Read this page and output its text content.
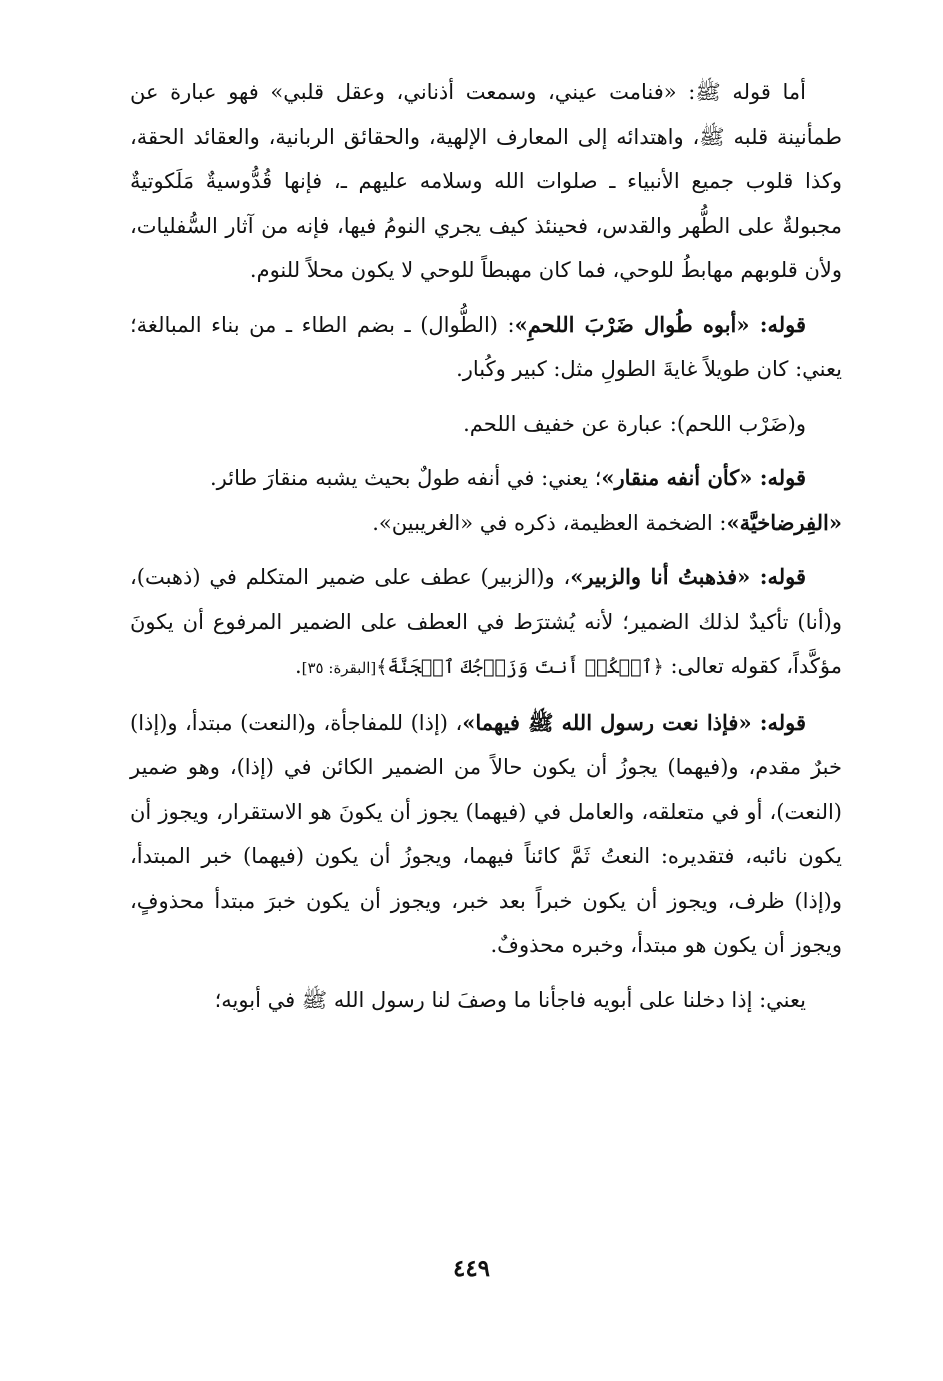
أما قوله ﷺ: «فنامت عيني، وسمعت أذناني، وعقل قلبي» فهو عبارة عن طمأنينة قلبه ﷺ، واهتدائه إلى المعارف الإلهية، والحقائق الربانية، والعقائد الحقة، وكذا قلوب جميع الأنبياء ـ صلوات الله وسلامه عليهم ـ، فإنها قُدُّوسيةٌ مَلَكوتيةٌ مجبولةٌ على الطُّهر والقدس، فحينئذ كيف يجري النومُ فيها، فإنه من آثار السُّفليات، ولأن قلوبهم مهابطُ للوحي، فما كان مهبطاً للوحي لا يكون محلاً للنوم.

قوله: «أبوه طُوال ضَرْبَ اللحمِ»: (الطُّوال) ـ بضم الطاء ـ من بناء المبالغة؛ يعني: كان طويلاً غايةَ الطولِ مثل: كبير وكُبار.

و(ضَرْب اللحم): عبارة عن خفيف اللحم.

قوله: «كأن أنفه منقار»؛ يعني: في أنفه طولٌ بحيث يشبه منقارَ طائر.

«الفِرضاخيَّة»: الضخمة العظيمة، ذكره في «الغريبين».

قوله: «فذهبتُ أنا والزبير»، و(الزبير) عطف على ضمير المتكلم في (ذهبت)، و(أنا) تأكيدٌ لذلك الضمير؛ لأنه يُشترَط في العطف على الضمير المرفوع أن يكونَ مؤكَّداً، كقوله تعالى: ﴿ٱسۡكُنۡ أَنتَ وَزَوۡجُكَ ٱلۡجَنَّةَ﴾[البقرة: ٣٥].

قوله: «فإذا نعت رسول الله ﷺ فيهما»، (إذا) للمفاجأة، و(النعت) مبتدأ، و(إذا) خبرٌ مقدم، و(فيهما) يجوزُ أن يكون حالاً من الضمير الكائن في (إذا)، وهو ضمير (النعت)، أو في متعلقه، والعامل في (فيهما) يجوز أن يكونَ هو الاستقرار، ويجوز أن يكون نائبه، فتقديره: النعتُ ثَمَّ كائناً فيهما، ويجوزُ أن يكون (فيهما) خبر المبتدأ، و(إذا) ظرف، ويجوز أن يكون خبراً بعد خبر، ويجوز أن يكون خبرَ مبتدأ محذوفٍ، ويجوز أن يكون هو مبتدأ، وخبره محذوفٌ.

يعني: إذا دخلنا على أبويه فاجأنا ما وصفَ لنا رسول الله ﷺ في أبويه؛

٤٤٩
